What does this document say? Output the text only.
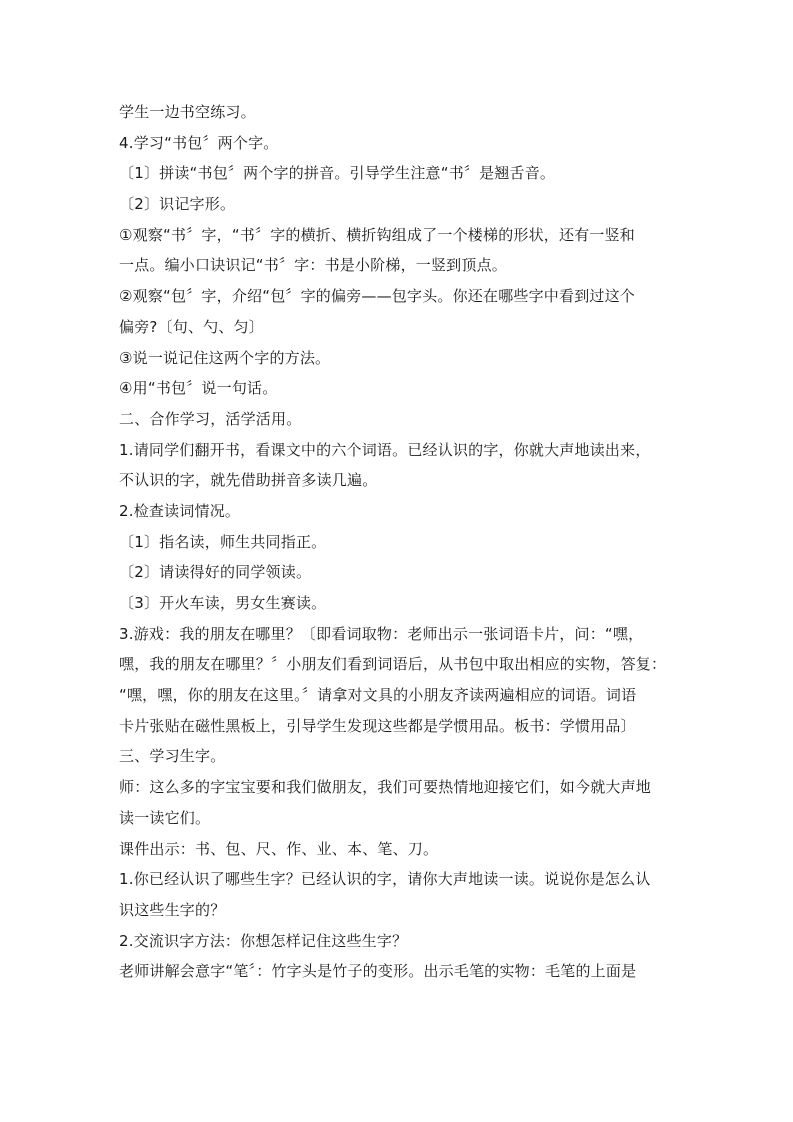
学生一边书空练习。
4.学习“书包〞两个字。
〔1〕拼读“书包〞两个字的拼音。引导学生注意“书〞是翘舌音。
〔2〕识记字形。
①观察“书〞字，“书〞字的横折、横折钩组成了一个楼梯的形状，还有一竖和
一点。编小口诀识记“书〞字：书是小阶梯，一竖到顶点。
②观察“包〞字，介绍“包〞字的偏旁——包字头。你还在哪些字中看到过这个
偏旁?〔句、勺、匀〕
③说一说记住这两个字的方法。
④用“书包〞说一句话。
二、合作学习，活学活用。
1.请同学们翻开书，看课文中的六个词语。已经认识的字，你就大声地读出来，
不认识的字，就先借助拼音多读几遍。
2.检查读词情况。
〔1〕指名读，师生共同指正。
〔2〕请读得好的同学领读。
〔3〕开火车读，男女生赛读。
3.游戏：我的朋友在哪里？〔即看词取物：老师出示一张词语卡片，问：“嘿，
嘿，我的朋友在哪里？〞小朋友们看到词语后，从书包中取出相应的实物，答复：
“嘿，嘿，你的朋友在这里。〞请拿对文具的小朋友齐读两遍相应的词语。词语
卡片张贴在磁性黑板上，引导学生发现这些都是学惯用品。板书：学惯用品〕
三、学习生字。
师：这么多的字宝宝要和我们做朋友，我们可要热情地迎接它们，如今就大声地
读一读它们。
课件出示：书、包、尺、作、业、本、笔、刀。
1.你已经认识了哪些生字？已经认识的字，请你大声地读一读。说说你是怎么认
识这些生字的？
2.交流识字方法：你想怎样记住这些生字？
老师讲解会意字“笔〞：竹字头是竹子的变形。出示毛笔的实物：毛笔的上面是
